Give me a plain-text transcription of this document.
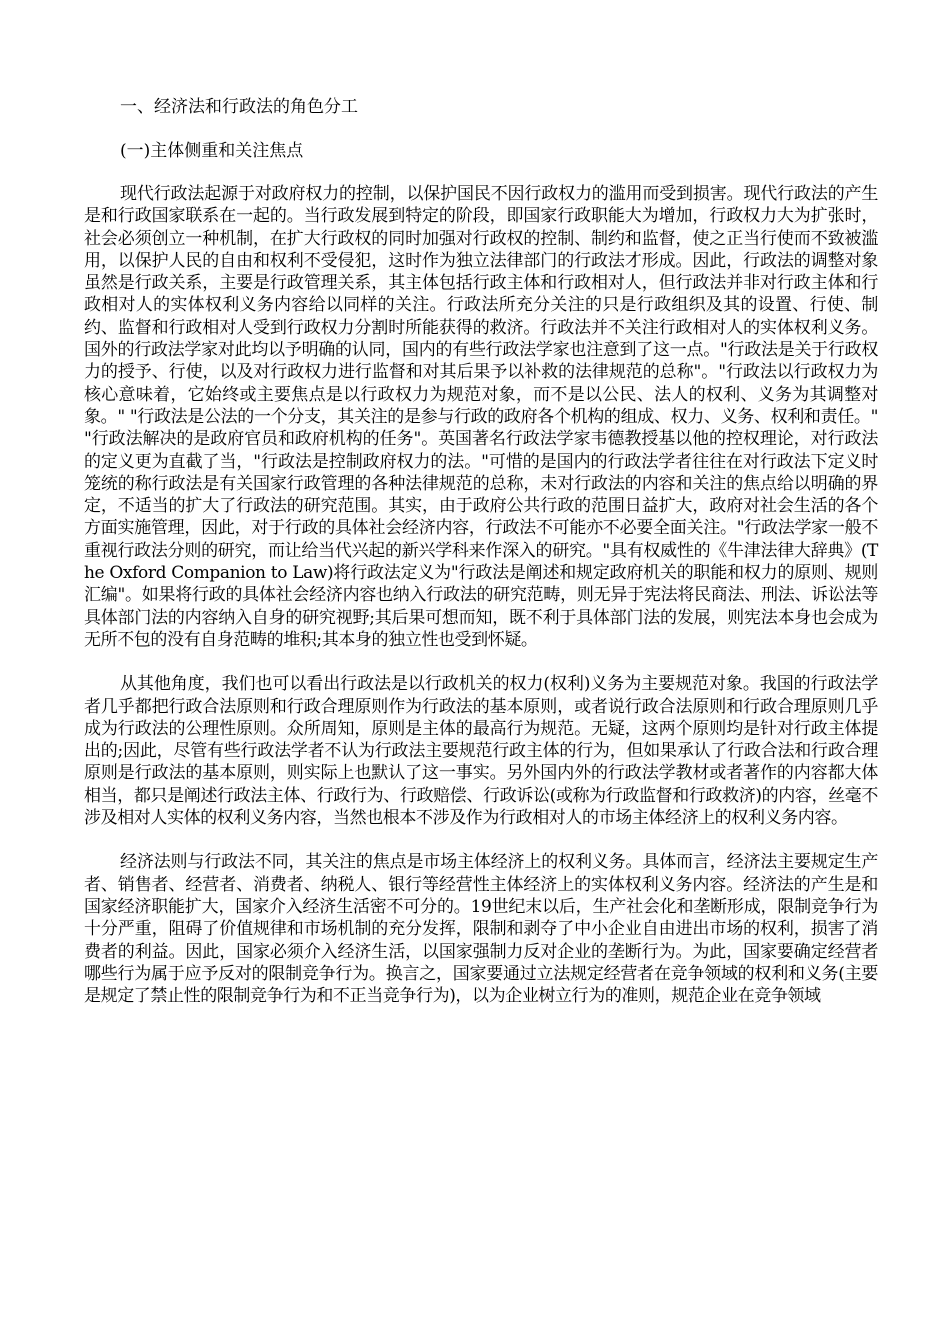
一、经济法和行政法的角色分工
(一)主体侧重和关注焦点

现代行政法起源于对政府权力的控制，以保护国民不因行政权力的滥用而受到损害。现代行政法的产生是和行政国家联系在一起的。当行政发展到特定的阶段，即国家行政职能大为增加，行政权力大为扩张时，社会必须创立一种机制，在扩大行政权的同时加强对行政权的控制、制约和监督，使之正当行使而不致被滥用，以保护人民的自由和权利不受侵犯，这时作为独立法律部门的行政法才形成。因此，行政法的调整对象虽然是行政关系，主要是行政管理关系，其主体包括行政主体和行政相对人，但行政法并非对行政主体和行政相对人的实体权利义务内容给以同样的关注。行政法所充分关注的只是行政组织及其的设置、行使、制约、监督和行政相对人受到行政权力分割时所能获得的救济。行政法并不关注行政相对人的实体权利义务。国外的行政法学家对此均以予明确的认同，国内的有些行政法学家也注意到了这一点。"行政法是关于行政权力的授予、行使，以及对行政权力进行监督和对其后果予以补救的法律规范的总称"。"行政法以行政权力为核心意味着，它始终或主要焦点是以行政权力为规范对象，而不是以公民、法人的权利、义务为其调整对象。" "行政法是公法的一个分支，其关注的是参与行政的政府各个机构的组成、权力、义务、权利和责任。" "行政法解决的是政府官员和政府机构的任务"。英国著名行政法学家韦德教授基以他的控权理论，对行政法的定义更为直截了当，"行政法是控制政府权力的法。"可惜的是国内的行政法学者往往在对行政法下定义时笼统的称行政法是有关国家行政管理的各种法律规范的总称，未对行政法的内容和关注的焦点给以明确的界定，不适当的扩大了行政法的研究范围。其实，由于政府公共行政的范围日益扩大，政府对社会生活的各个方面实施管理，因此，对于行政的具体社会经济内容，行政法不可能亦不必要全面关注。"行政法学家一般不重视行政法分则的研究，而让给当代兴起的新兴学科来作深入的研究。"具有权威性的《牛津法律大辞典》(The Oxford Companion to Law)将行政法定义为"行政法是阐述和规定政府机关的职能和权力的原则、规则汇编"。如果将行政的具体社会经济内容也纳入行政法的研究范畴，则无异于宪法将民商法、刑法、诉讼法等具体部门法的内容纳入自身的研究视野;其后果可想而知，既不利于具体部门法的发展，则宪法本身也会成为无所不包的没有自身范畴的堆积;其本身的独立性也受到怀疑。

从其他角度，我们也可以看出行政法是以行政机关的权力(权利)义务为主要规范对象。我国的行政法学者几乎都把行政合法原则和行政合理原则作为行政法的基本原则，或者说行政合法原则和行政合理原则几乎成为行政法的公理性原则。众所周知，原则是主体的最高行为规范。无疑，这两个原则均是针对行政主体提出的;因此，尽管有些行政法学者不认为行政法主要规范行政主体的行为，但如果承认了行政合法和行政合理原则是行政法的基本原则，则实际上也默认了这一事实。另外国内外的行政法学教材或者著作的内容都大体相当，都只是阐述行政法主体、行政行为、行政赔偿、行政诉讼(或称为行政监督和行政救济)的内容，丝毫不涉及相对人实体的权利义务内容，当然也根本不涉及作为行政相对人的市场主体经济上的权利义务内容。

经济法则与行政法不同，其关注的焦点是市场主体经济上的权利义务。具体而言，经济法主要规定生产者、销售者、经营者、消费者、纳税人、银行等经营性主体经济上的实体权利义务内容。经济法的产生是和国家经济职能扩大，国家介入经济生活密不可分的。19世纪末以后，生产社会化和垄断形成，限制竞争行为十分严重，阻碍了价值规律和市场机制的充分发挥，限制和剥夺了中小企业自由进出市场的权利，损害了消费者的利益。因此，国家必须介入经济生活，以国家强制力反对企业的垄断行为。为此，国家要确定经营者哪些行为属于应予反对的限制竞争行为。换言之，国家要通过立法规定经营者在竞争领域的权利和义务(主要是规定了禁止性的限制竞争行为和不正当竞争行为)，以为企业树立行为的准则，规范企业在竞争领域
